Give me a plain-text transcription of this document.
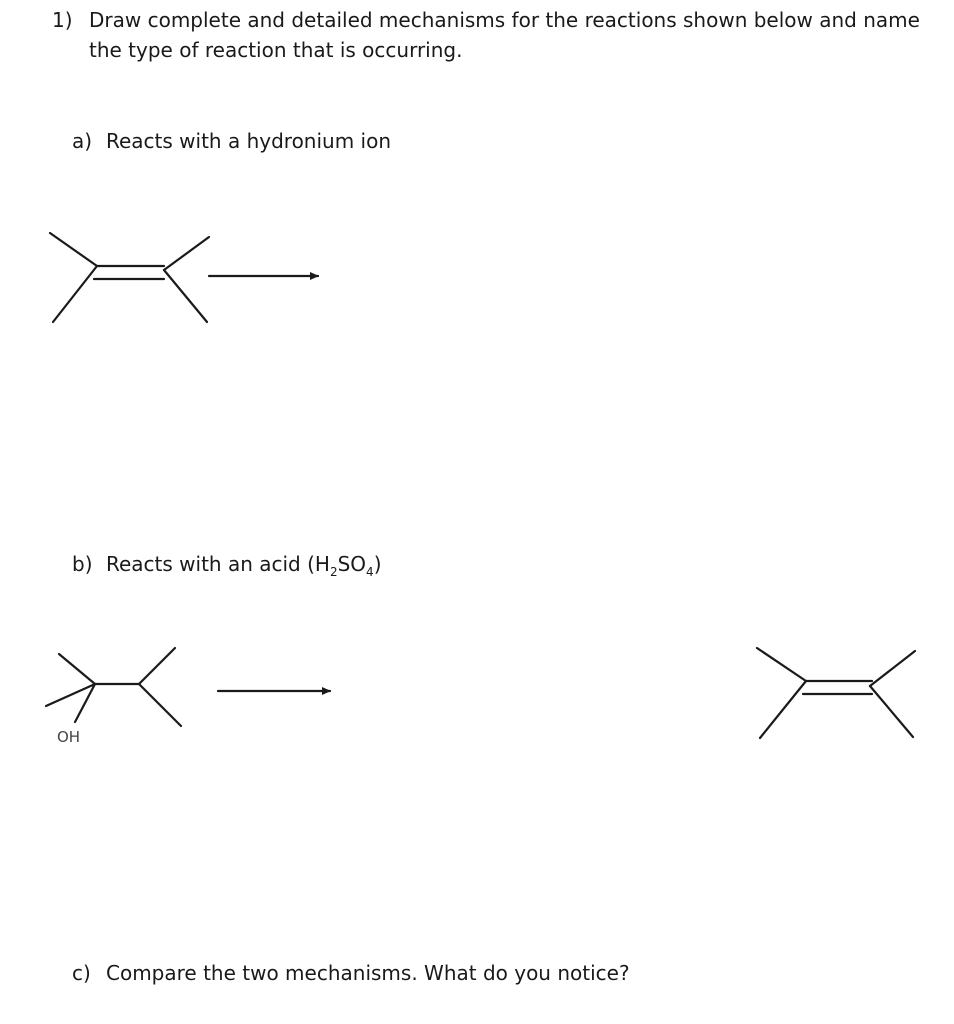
1) Draw complete and detailed mechanisms for the reactions shown below and name the type of reaction that is occurring.
a) Reacts with a hydronium ion
b) Reacts with an acid $(H_2SO_4)$
c) Compare the two mechanisms. What do you notice?
OH
